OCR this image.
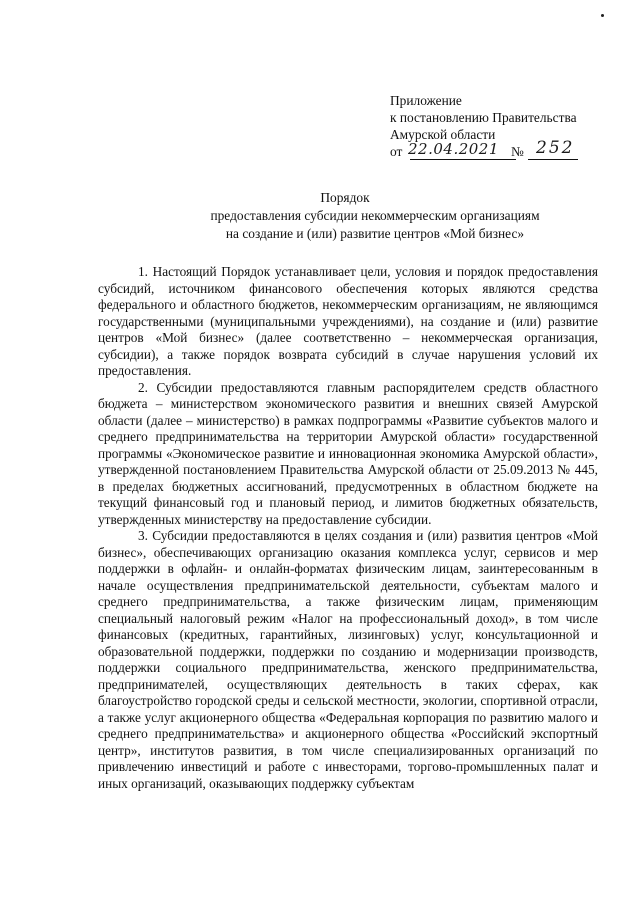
Приложение
к постановлению Правительства
Амурской области
от 22.04.2021 № 252
Порядок
предоставления субсидии некоммерческим организациям
на создание и (или) развитие центров «Мой бизнес»

1. Настоящий Порядок устанавливает цели, условия и порядок предоставления субсидий, источником финансового обеспечения которых являются средства федерального и областного бюджетов, некоммерческим организациям, не являющимся государственными (муниципальными учреждениями), на создание и (или) развитие центров «Мой бизнес» (далее соответственно – некоммерческая организация, субсидии), а также порядок возврата субсидий в случае нарушения условий их предоставления.

2. Субсидии предоставляются главным распорядителем средств областного бюджета – министерством экономического развития и внешних связей Амурской области (далее – министерство) в рамках подпрограммы «Развитие субъектов малого и среднего предпринимательства на территории Амурской области» государственной программы «Экономическое развитие и инновационная экономика Амурской области», утвержденной постановлением Правительства Амурской области от 25.09.2013 № 445, в пределах бюджетных ассигнований, предусмотренных в областном бюджете на текущий финансовый год и плановый период, и лимитов бюджетных обязательств, утвержденных министерству на предоставление субсидии.

3. Субсидии предоставляются в целях создания и (или) развития центров «Мой бизнес», обеспечивающих организацию оказания комплекса услуг, сервисов и мер поддержки в офлайн- и онлайн-форматах физическим лицам, заинтересованным в начале осуществления предпринимательской деятельности, субъектам малого и среднего предпринимательства, а также физическим лицам, применяющим специальный налоговый режим «Налог на профессиональный доход», в том числе финансовых (кредитных, гарантийных, лизинговых) услуг, консультационной и образовательной поддержки, поддержки по созданию и модернизации производств, поддержки социального предпринимательства, женского предпринимательства, предпринимателей, осуществляющих деятельность в таких сферах, как благоустройство городской среды и сельской местности, экологии, спортивной отрасли, а также услуг акционерного общества «Федеральная корпорация по развитию малого и среднего предпринимательства» и акционерного общества «Российский экспортный центр», институтов развития, в том числе специализированных организаций по привлечению инвестиций и работе с инвесторами, торгово-промышленных палат и иных организаций, оказывающих поддержку субъектам
